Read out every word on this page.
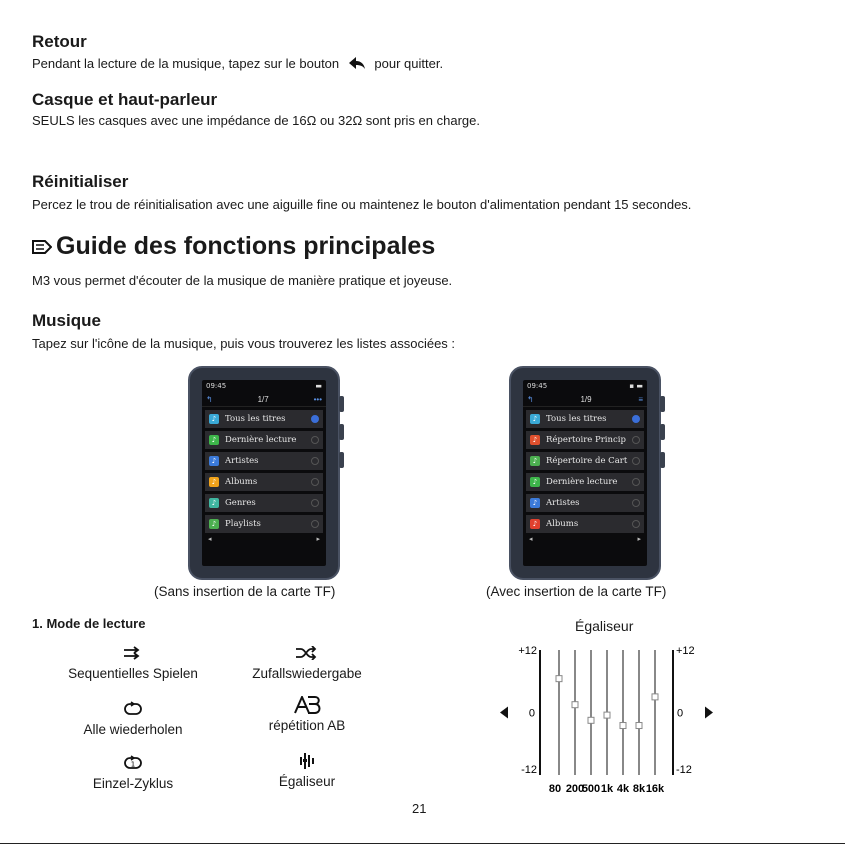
Retour

Pendant la lecture de la musique, tapez sur le bouton	pour quitter.

Casque et haut-parleur

SEULS les casques avec une impédance de 16Ω ou 32Ω sont pris en charge.

Réinitialiser

Percez le trou de réinitialisation avec une aiguille fine ou maintenez le bouton d'alimentation pendant 15 secondes.

Guide des fonctions principales

M3 vous permet d'écouter de la musique de manière pratique et joyeuse.

Musique

Tapez sur l'icône de la musique, puis vous trouverez les listes associées :

09:45	▬
↰	1/7	•••
♪	Tous les titres
♪	Dernière lecture
♪	Artistes
♪	Albums
♪	Genres
♪	Playlists
◂	▸
(Sans insertion de la carte TF)
09:45	▪ ▬
↰	1/9	≡
♪	Tous les titres
♪	Répertoire Princip
♪	Répertoire de Cart
♪	Dernière lecture
♪	Artistes
♪	Albums
◂	▸
(Avec insertion de la carte TF)

1. Mode de lecture

Sequentielles Spielen	Zufallswiedergabe
Alle wiederholen	répétition AB
1
Einzel-Zyklus	Égaliseur
Égaliseur
+12
0
-12
+12
0
-12
80 200
500 1k 4k 8k 16k
21
